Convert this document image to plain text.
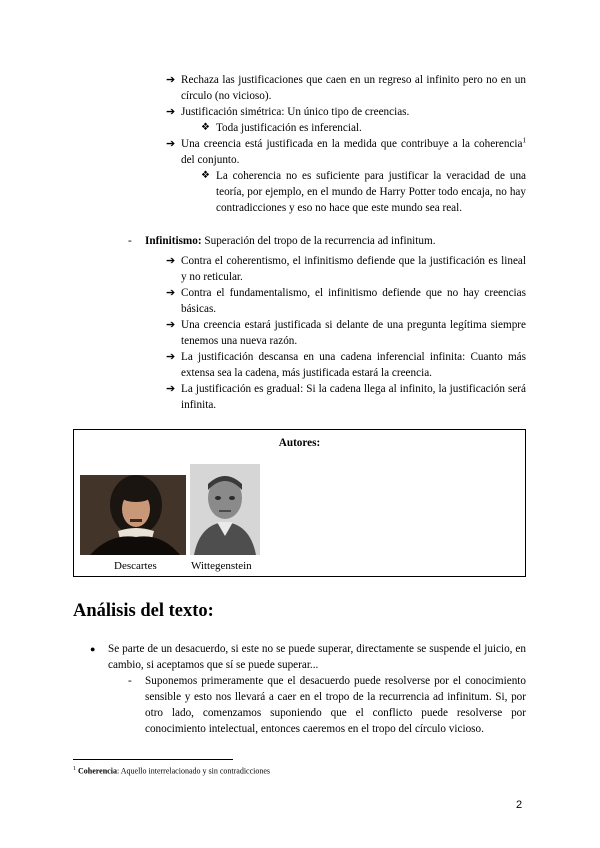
➔ Rechaza las justificaciones que caen en un regreso al infinito pero no en un círculo (no vicioso).
➔ Justificación simétrica: Un único tipo de creencias.
❖ Toda justificación es inferencial.
➔ Una creencia está justificada en la medida que contribuye a la coherencia$^1$ del conjunto.
❖ La coherencia no es suficiente para justificar la veracidad de una teoría, por ejemplo, en el mundo de Harry Potter todo encaja, no hay contradicciones y eso no hace que este mundo sea real.
- Infinitismo: Superación del tropo de la recurrencia ad infinitum.
➔ Contra el coherentismo, el infinitismo defiende que la justificación es lineal y no reticular.
➔ Contra el fundamentalismo, el infinitismo defiende que no hay creencias básicas.
➔ Una creencia estará justificada si delante de una pregunta legítima siempre tenemos una nueva razón.
➔ La justificación descansa en una cadena inferencial infinita: Cuanto más extensa sea la cadena, más justificada estará la creencia.
➔ La justificación es gradual: Si la cadena llega al infinito, la justificación será infinita.
Autores:
Descartes	Wittegenstein
Análisis del texto:
● Se parte de un desacuerdo, si este no se puede superar, directamente se suspende el juicio, en cambio, si aceptamos que sí se puede superar...
- Suponemos primeramente que el desacuerdo puede resolverse por el conocimiento sensible y esto nos llevará a caer en el tropo de la recurrencia ad infinitum. Si, por otro lado, comenzamos suponiendo que el conflicto puede resolverse por conocimiento intelectual, entonces caeremos en el tropo del círculo vicioso.
$^1$ Coherencia: Aquello interrelacionado y sin contradicciones
2
